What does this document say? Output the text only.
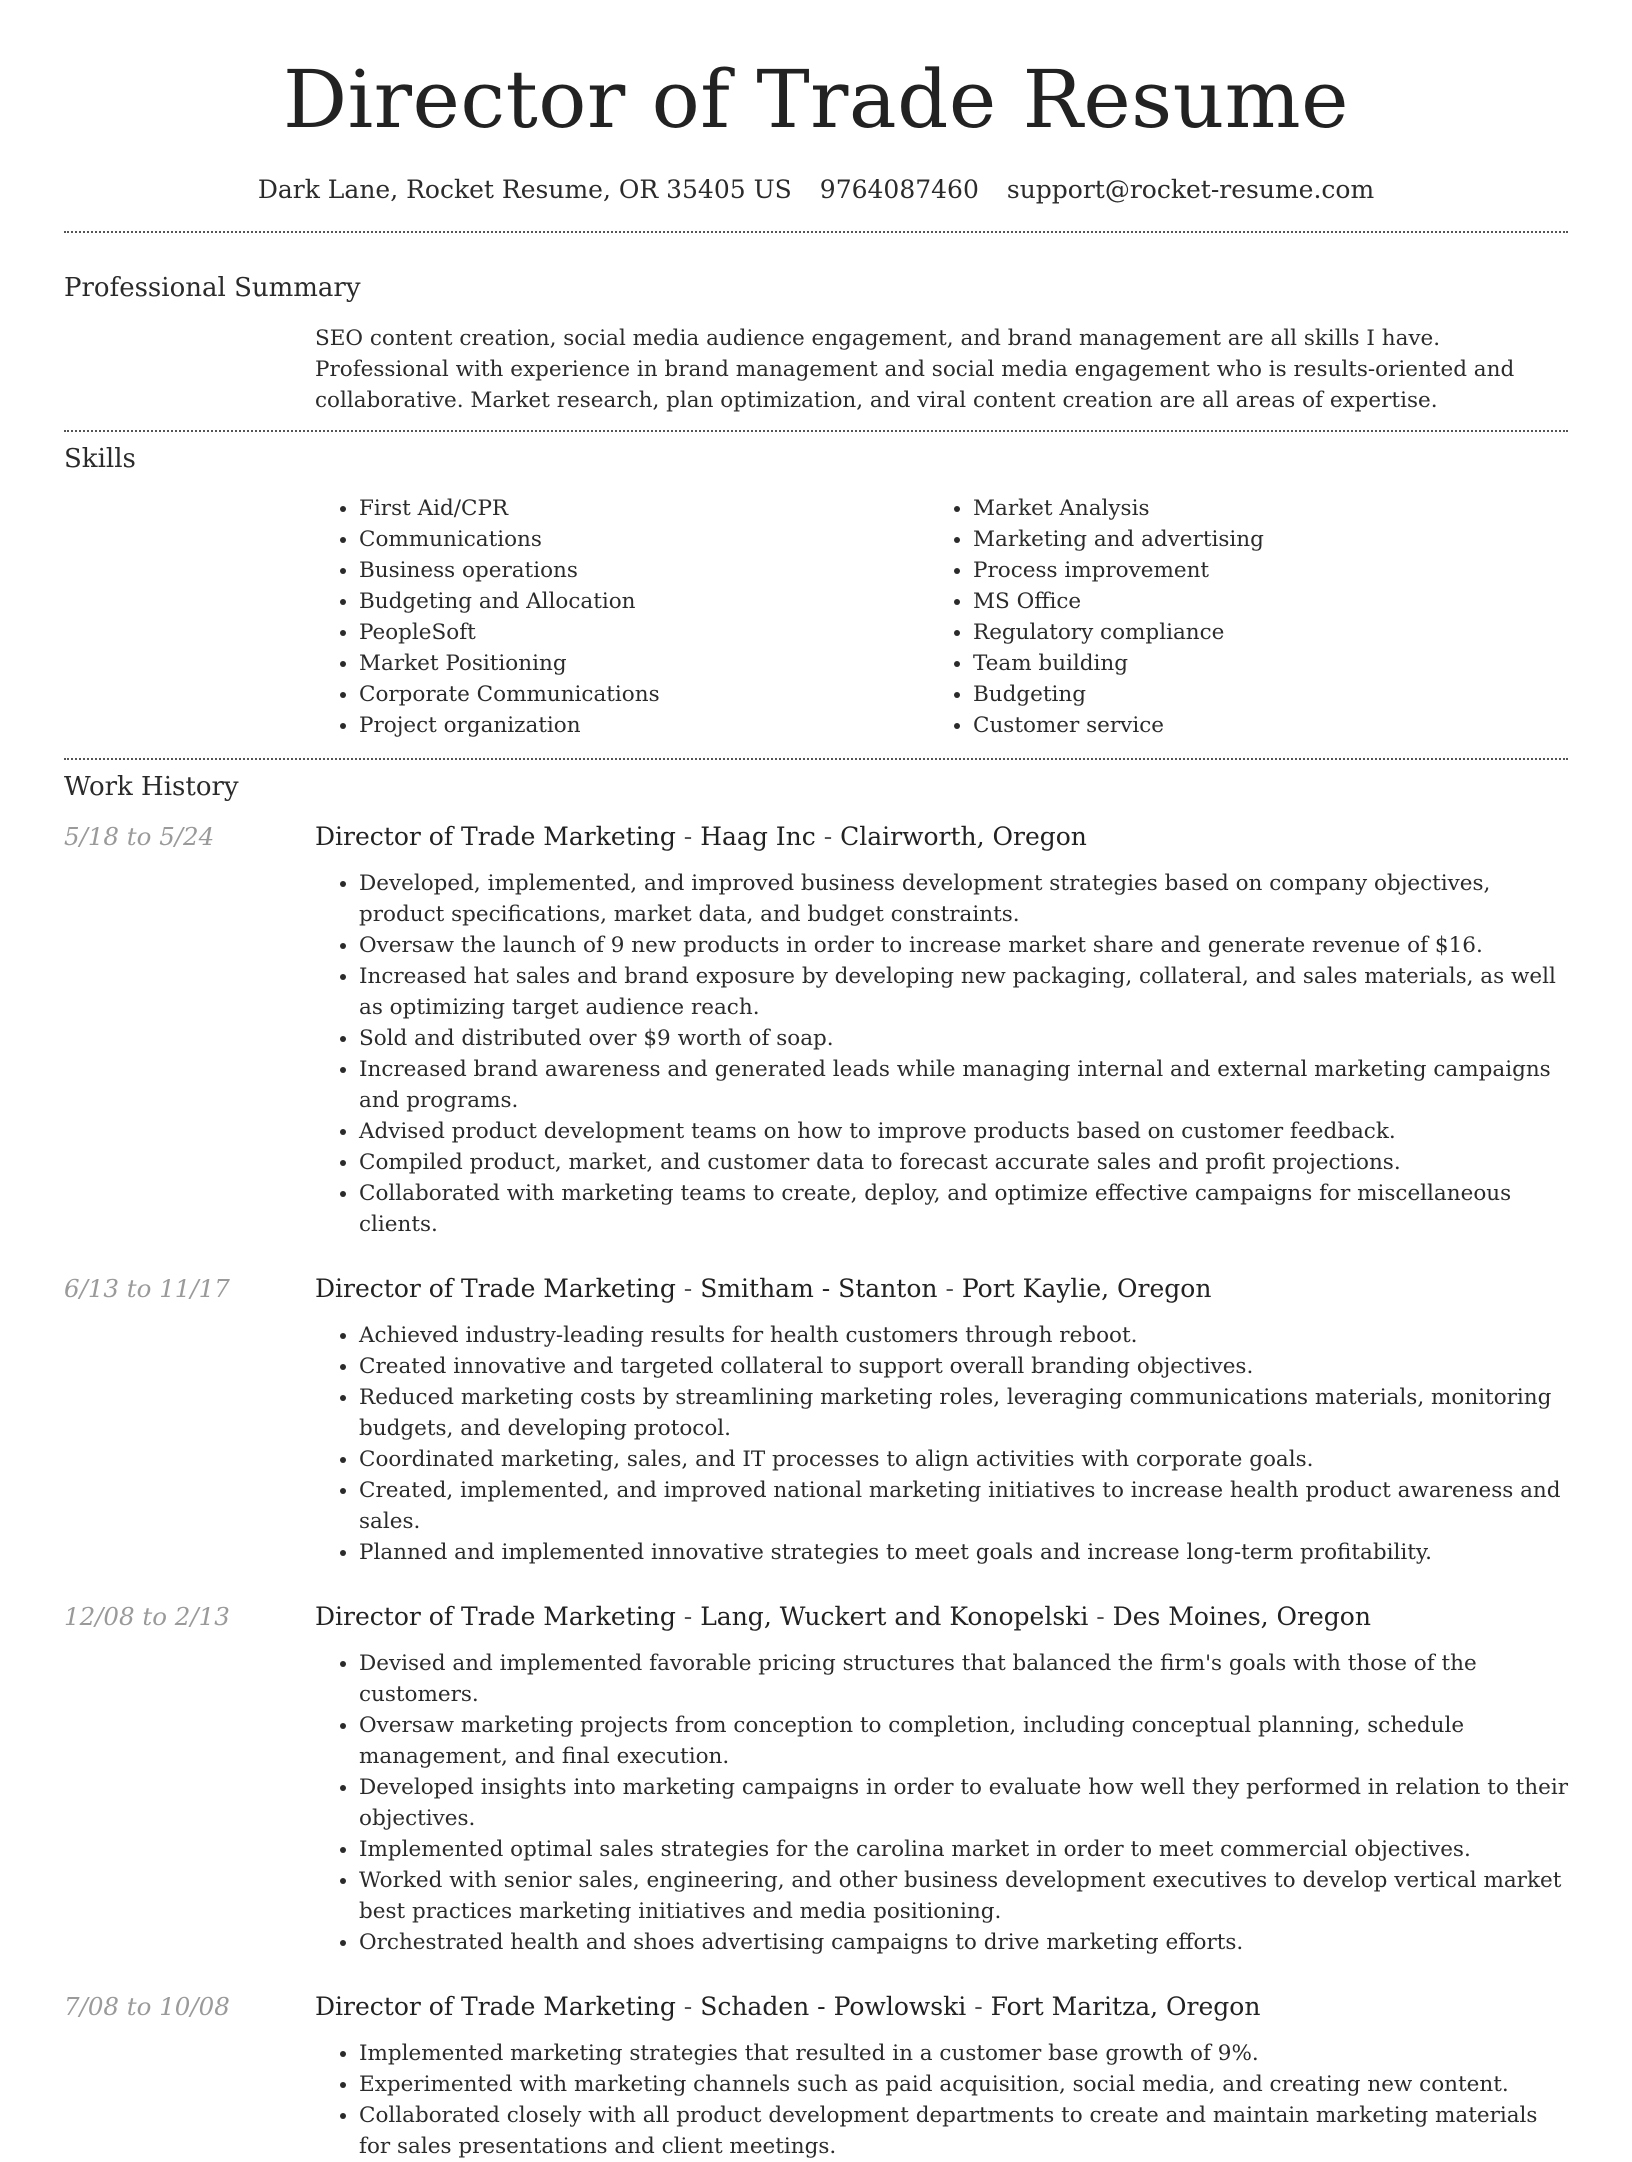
Director of Trade Resume
Dark Lane, Rocket Resume, OR 35405 US 9764087460 support@rocket-resume.com
Professional Summary
SEO content creation, social media audience engagement, and brand management are all skills I have. Professional with experience in brand management and social media engagement who is results-oriented and collaborative. Market research, plan optimization, and viral content creation are all areas of expertise.
Skills
• First Aid/CPR
• Communications
• Business operations
• Budgeting and Allocation
• PeopleSoft
• Market Positioning
• Corporate Communications
• Project organization
• Market Analysis
• Marketing and advertising
• Process improvement
• MS Office
• Regulatory compliance
• Team building
• Budgeting
• Customer service
Work History
5/18 to 5/24	Director of Trade Marketing - Haag Inc - Clairworth, Oregon
• Developed, implemented, and improved business development strategies based on company objectives, product specifications, market data, and budget constraints.
• Oversaw the launch of 9 new products in order to increase market share and generate revenue of $16.
• Increased hat sales and brand exposure by developing new packaging, collateral, and sales materials, as well as optimizing target audience reach.
• Sold and distributed over $9 worth of soap.
• Increased brand awareness and generated leads while managing internal and external marketing campaigns and programs.
• Advised product development teams on how to improve products based on customer feedback.
• Compiled product, market, and customer data to forecast accurate sales and profit projections.
• Collaborated with marketing teams to create, deploy, and optimize effective campaigns for miscellaneous clients.
6/13 to 11/17	Director of Trade Marketing - Smitham - Stanton - Port Kaylie, Oregon
• Achieved industry-leading results for health customers through reboot.
• Created innovative and targeted collateral to support overall branding objectives.
• Reduced marketing costs by streamlining marketing roles, leveraging communications materials, monitoring budgets, and developing protocol.
• Coordinated marketing, sales, and IT processes to align activities with corporate goals.
• Created, implemented, and improved national marketing initiatives to increase health product awareness and sales.
• Planned and implemented innovative strategies to meet goals and increase long-term profitability.
12/08 to 2/13	Director of Trade Marketing - Lang, Wuckert and Konopelski - Des Moines, Oregon
• Devised and implemented favorable pricing structures that balanced the firm's goals with those of the customers.
• Oversaw marketing projects from conception to completion, including conceptual planning, schedule management, and final execution.
• Developed insights into marketing campaigns in order to evaluate how well they performed in relation to their objectives.
• Implemented optimal sales strategies for the carolina market in order to meet commercial objectives.
• Worked with senior sales, engineering, and other business development executives to develop vertical market best practices marketing initiatives and media positioning.
• Orchestrated health and shoes advertising campaigns to drive marketing efforts.
7/08 to 10/08	Director of Trade Marketing - Schaden - Powlowski - Fort Maritza, Oregon
• Implemented marketing strategies that resulted in a customer base growth of 9%.
• Experimented with marketing channels such as paid acquisition, social media, and creating new content.
• Collaborated closely with all product development departments to create and maintain marketing materials for sales presentations and client meetings.
